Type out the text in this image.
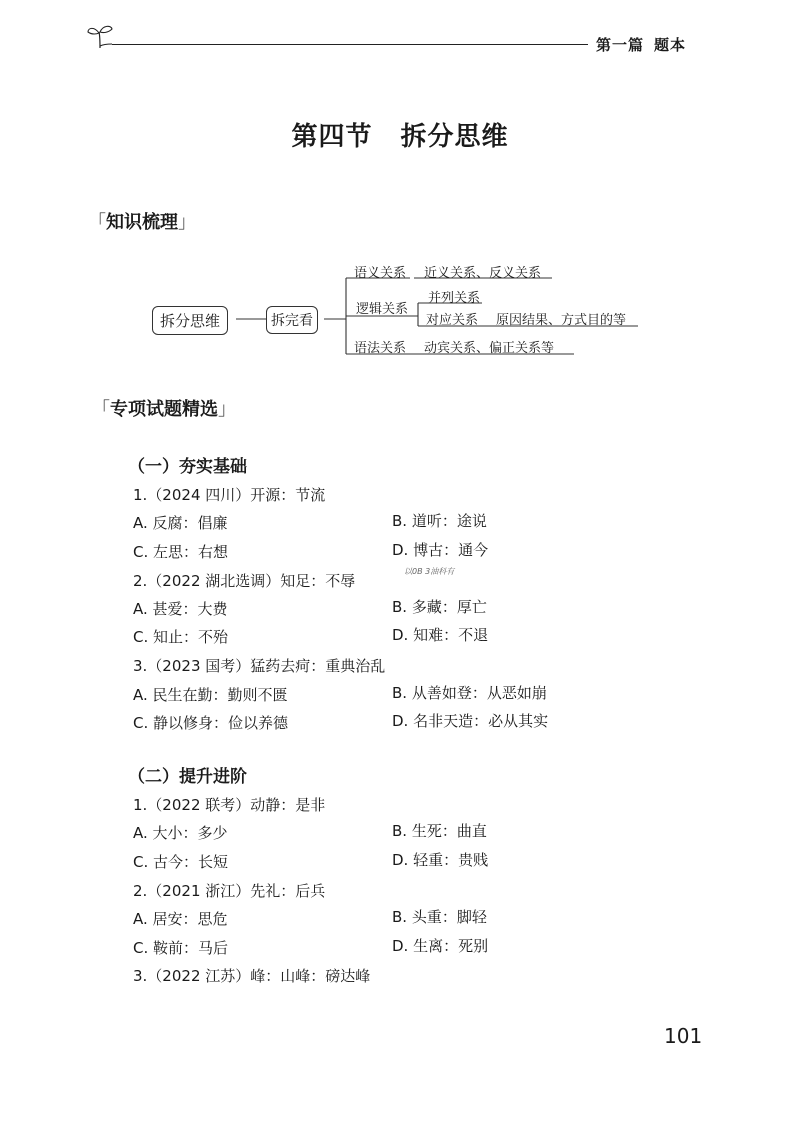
第一篇 题本
第四节 拆分思维
「知识梳理」
拆分思维	拆完看
语义关系 近义关系、反义关系
逻辑关系
并列关系
对应关系 原因结果、方式目的等
语法关系 动宾关系、偏正关系等
「专项试题精选」
（一）夯实基础
1.（2024 四川）开源：节流
A. 反腐：倡廉	B. 道听：途说
C. 左思：右想	D. 博古：通今
2.（2022 湖北选调）知足：不辱
以0B 3油科有
A. 甚爱：大费	B. 多藏：厚亡
C. 知止：不殆	D. 知难：不退
3.（2023 国考）猛药去疴：重典治乱
A. 民生在勤：勤则不匮	B. 从善如登：从恶如崩
C. 静以修身：俭以养德	D. 名非天造：必从其实
（二）提升进阶
1.（2022 联考）动静：是非
A. 大小：多少	B. 生死：曲直
C. 古今：长短	D. 轻重：贵贱
2.（2021 浙江）先礼：后兵
A. 居安：思危	B. 头重：脚轻
C. 鞍前：马后	D. 生离：死别
3.（2022 江苏）峰：山峰：磅达峰
101
